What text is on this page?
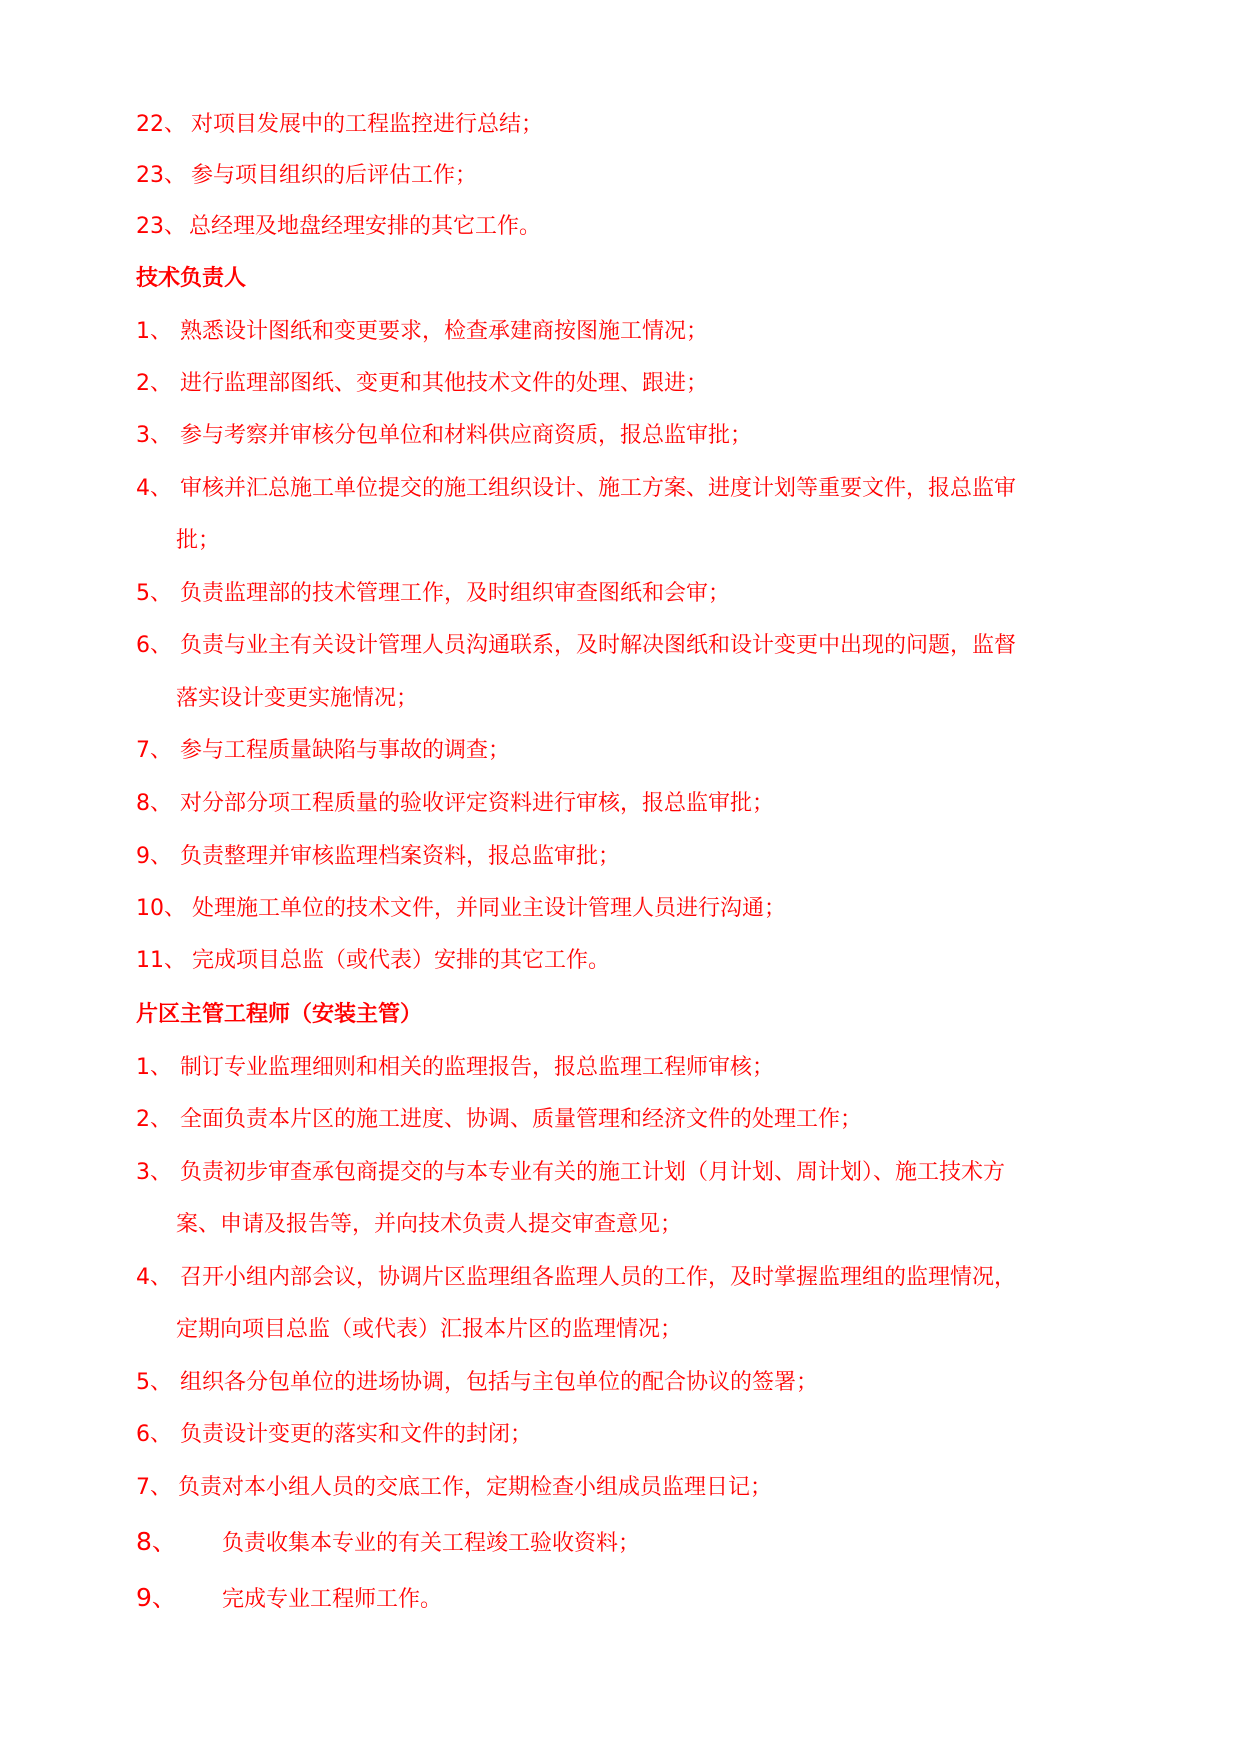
22、 对项目发展中的工程监控进行总结；
23、 参与项目组织的后评估工作；
23、 总经理及地盘经理安排的其它工作。
技术负责人
1、 熟悉设计图纸和变更要求，检查承建商按图施工情况；
2、 进行监理部图纸、变更和其他技术文件的处理、跟进；
3、 参与考察并审核分包单位和材料供应商资质，报总监审批；
4、 审核并汇总施工单位提交的施工组织设计、施工方案、进度计划等重要文件，报总监审
批；
5、 负责监理部的技术管理工作，及时组织审查图纸和会审；
6、 负责与业主有关设计管理人员沟通联系，及时解决图纸和设计变更中出现的问题，监督
落实设计变更实施情况；
7、 参与工程质量缺陷与事故的调查；
8、 对分部分项工程质量的验收评定资料进行审核，报总监审批；
9、 负责整理并审核监理档案资料，报总监审批；
10、 处理施工单位的技术文件，并同业主设计管理人员进行沟通；
11、 完成项目总监（或代表）安排的其它工作。
片区主管工程师（安装主管）
1、 制订专业监理细则和相关的监理报告，报总监理工程师审核；
2、 全面负责本片区的施工进度、协调、质量管理和经济文件的处理工作；
3、 负责初步审查承包商提交的与本专业有关的施工计划（月计划、周计划）、施工技术方
案、申请及报告等，并向技术负责人提交审查意见；
4、 召开小组内部会议，协调片区监理组各监理人员的工作，及时掌握监理组的监理情况，
定期向项目总监（或代表）汇报本片区的监理情况；
5、 组织各分包单位的进场协调，包括与主包单位的配合协议的签署；
6、 负责设计变更的落实和文件的封闭；
7、 负责对本小组人员的交底工作，定期检查小组成员监理日记；
8、 负责收集本专业的有关工程竣工验收资料；
9、 完成专业工程师工作。
